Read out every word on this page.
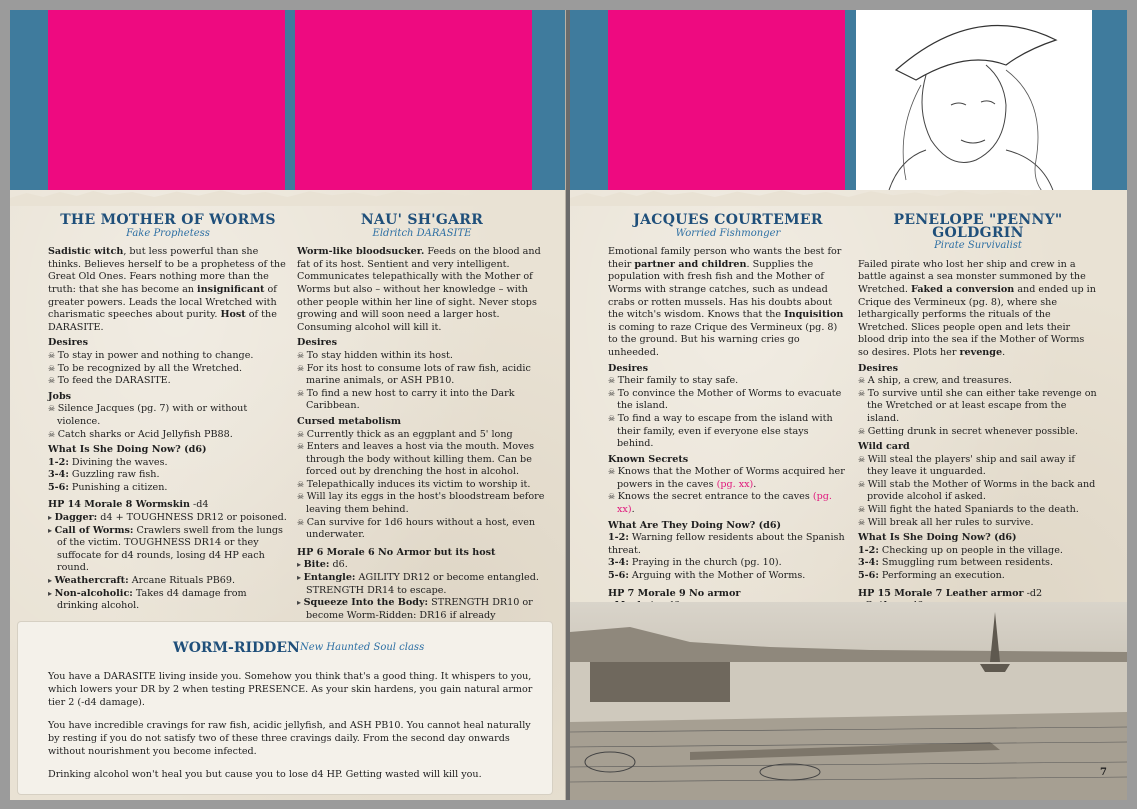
THE MOTHER OF WORMS
Fake Prophetess

Sadistic witch, but less powerful than she thinks. Believes herself to be a prophetess of the Great Old Ones. Fears nothing more than the truth: that she has become an insignificant of greater powers. Leads the local Wretched with charismatic speeches about purity. Host of the DARASITE.

Desires
☠ To stay in power and nothing to change.
☠ To be recognized by all the Wretched.
☠ To feed the DARASITE.
Jobs
☠ Silence Jacques (pg. 7) with or without violence.
☠ Catch sharks or Acid Jellyfish PB88.
What Is She Doing Now? (d6)
1-2: Divining the waves.
3-4: Guzzling raw fish.
5-6: Punishing a citizen.
HP 14 Morale 8 Wormskin -d4
▸ Dagger: d4 + TOUGHNESS DR12 or poisoned.
▸ Call of Worms: Crawlers swell from the lungs of the victim. TOUGHNESS DR14 or they suffocate for d4 rounds, losing d4 HP each round.
▸ Weathercraft: Arcane Rituals PB69.
▸ Non-alcoholic: Takes d4 damage from drinking alcohol.
NAU' SH'GARR
Eldritch DARASITE

Worm-like bloodsucker. Feeds on the blood and fat of its host. Sentient and very intelligent. Communicates telepathically with the Mother of Worms but also – without her knowledge – with other people within her line of sight. Never stops growing and will soon need a larger host. Consuming alcohol will kill it.

Desires
☠ To stay hidden within its host.
☠ For its host to consume lots of raw fish, acidic marine animals, or ASH PB10.
☠ To find a new host to carry it into the Dark Caribbean.
Cursed metabolism
☠ Currently thick as an eggplant and 5' long
☠ Enters and leaves a host via the mouth. Moves through the body without killing them. Can be forced out by drenching the host in alcohol.
☠ Telepathically induces its victim to worship it.
☠ Will lay its eggs in the host's bloodstream before leaving them behind.
☠ Can survive for 1d6 hours without a host, even underwater.
HP 6 Morale 6 No Armor but its host
▸ Bite: d6.
▸ Entangle: AGILITY DR12 or become entangled. STRENGTH DR14 to escape.
▸ Squeeze Into the Body: STRENGTH DR10 or become Worm-Ridden: DR16 if already
WORM-RIDDEN New Haunted Soul class

You have a DARASITE living inside you. Somehow you think that's a good thing. It whispers to you, which lowers your DR by 2 when testing PRESENCE. As your skin hardens, you gain natural armor tier 2 (-d4 damage).

You have incredible cravings for raw fish, acidic jellyfish, and ASH PB10. You cannot heal naturally by resting if you do not satisfy two of these three cravings daily. From the second day onwards without nourishment you become infected.

Drinking alcohol won't heal you but cause you to lose d4 HP. Getting wasted will kill you.

JACQUES COURTEMER
Worried Fishmonger

Emotional family person who wants the best for their partner and children. Supplies the population with fresh fish and the Mother of Worms with strange catches, such as undead crabs or rotten mussels. Has his doubts about the witch's wisdom. Knows that the Inquisition is coming to raze Crique des Vermineux (pg. 8) to the ground. But his warning cries go unheeded.

Desires
☠ Their family to stay safe.
☠ To convince the Mother of Worms to evacuate the island.
☠ To find a way to escape from the island with their family, even if everyone else stays behind.
Known Secrets
☠ Knows that the Mother of Worms acquired her powers in the caves (pg. xx).
☠ Knows the secret entrance to the caves (pg. xx).
What Are They Doing Now? (d6)
1-2: Warning fellow residents about the Spanish threat.
3-4: Praying in the church (pg. 10).
5-6: Arguing with the Mother of Worms.
HP 7 Morale 9 No armor
▸
▸
PENELOPE "PENNY" GOLDGRIN
Pirate Survivalist

Failed pirate who lost her ship and crew in a battle against a sea monster summoned by the Wretched. Faked a conversion and ended up in Crique des Vermineux (pg. 8), where she lethargically performs the rituals of the Wretched. Slices people open and lets their blood drip into the sea if the Mother of Worms so desires. Plots her revenge.

Desires
☠ A ship, a crew, and treasures.
☠ To survive until she can either take revenge on the Wretched or at least escape from the island.
☠ Getting drunk in secret whenever possible.
Wild card
☠ Will steal the players' ship and sail away if they leave it unguarded.
☠ Will stab the Mother of Worms in the back and provide alcohol if asked.
☠ Will fight the hated Spaniards to the death.
☠ Will break all her rules to survive.
What Is She Doing Now? (d6)
1-2: Checking up on people in the village.
3-4: Smuggling rum between residents.
5-6: Performing an execution.
HP 15 Morale 7 Leather armor -d2
▸
▸
7
